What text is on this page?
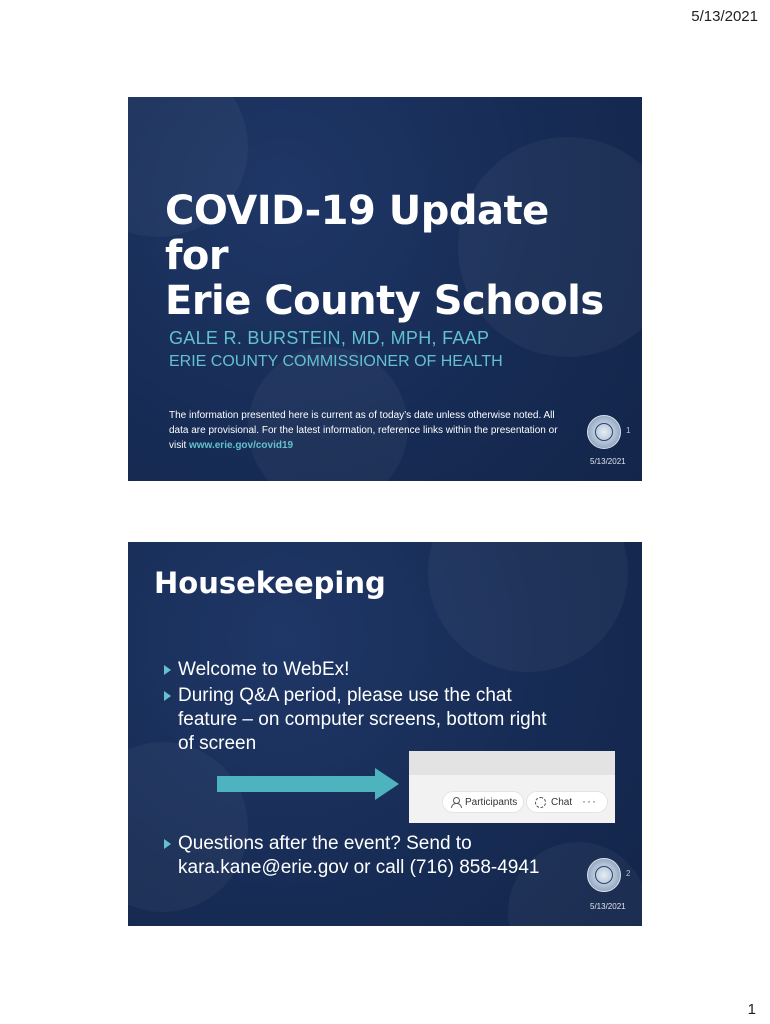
5/13/2021
COVID-19 Update for
Erie County Schools
GALE R. BURSTEIN, MD, MPH, FAAP
ERIE COUNTY COMMISSIONER OF HEALTH
The information presented here is current as of today’s date unless otherwise noted. All data are provisional. For the latest information, reference links within the presentation or visit www.erie.gov/covid19
1
5/13/2021
Housekeeping
Welcome to WebEx!
During Q&A period, please use the chat feature – on computer screens, bottom right of screen
Participants	Chat ···
Questions after the event? Send to kara.kane@erie.gov or call (716) 858-4941	2
5/13/2021
1
